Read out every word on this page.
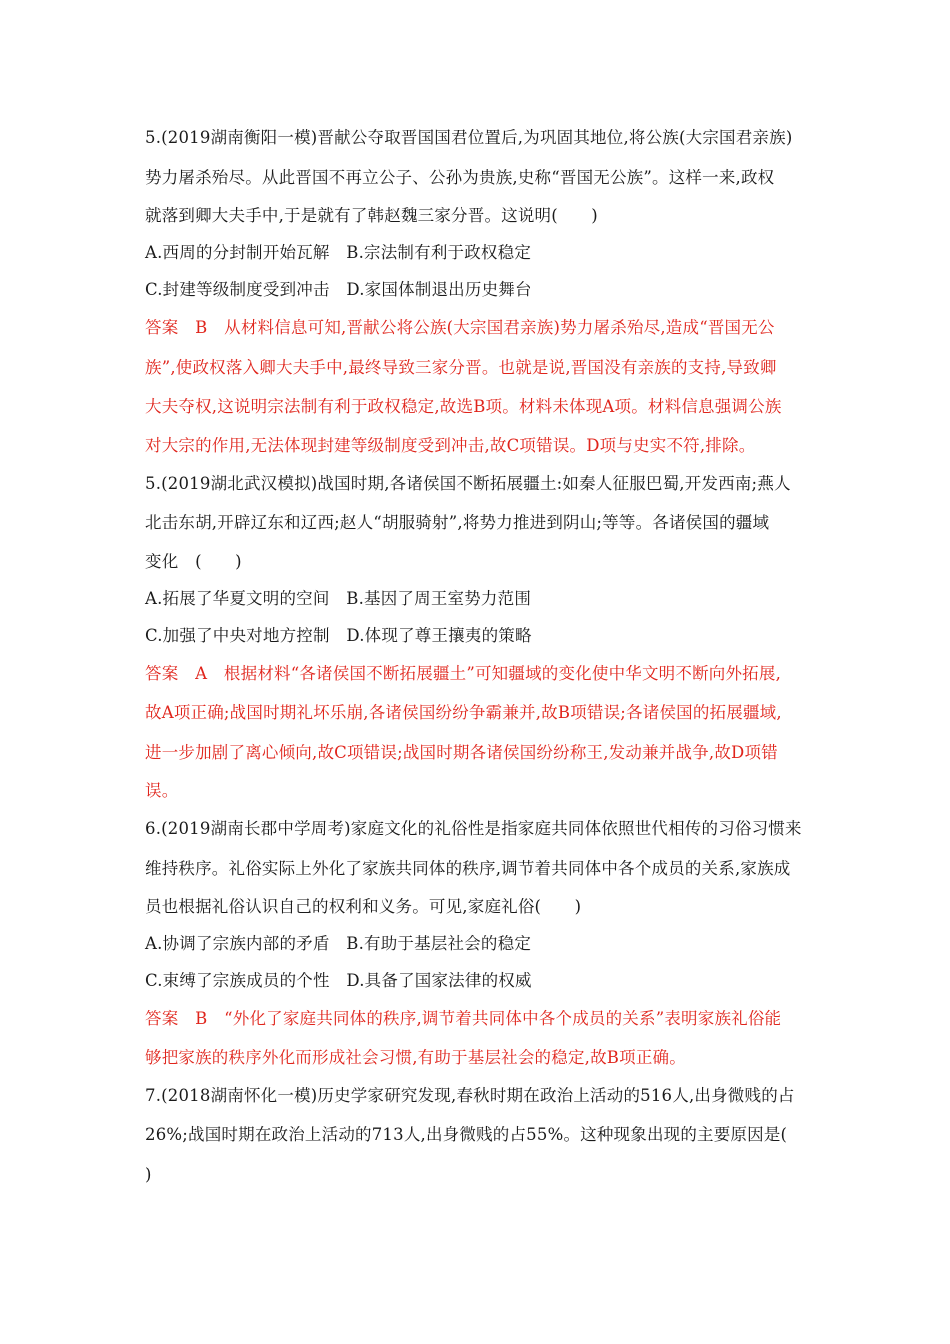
5.(2019湖南衡阳一模)晋献公夺取晋国国君位置后,为巩固其地位,将公族(大宗国君亲族)
势力屠杀殆尽。从此晋国不再立公子、公孙为贵族,史称“晋国无公族”。这样一来,政权
就落到卿大夫手中,于是就有了韩赵魏三家分晋。这说明(　　)
A.西周的分封制开始瓦解　B.宗法制有利于政权稳定
C.封建等级制度受到冲击　D.家国体制退出历史舞台
答案　B　从材料信息可知,晋献公将公族(大宗国君亲族)势力屠杀殆尽,造成“晋国无公
族”,使政权落入卿大夫手中,最终导致三家分晋。也就是说,晋国没有亲族的支持,导致卿
大夫夺权,这说明宗法制有利于政权稳定,故选B项。材料未体现A项。材料信息强调公族
对大宗的作用,无法体现封建等级制度受到冲击,故C项错误。D项与史实不符,排除。
5.(2019湖北武汉模拟)战国时期,各诸侯国不断拓展疆土:如秦人征服巴蜀,开发西南;燕人
北击东胡,开辟辽东和辽西;赵人“胡服骑射”,将势力推进到阴山;等等。各诸侯国的疆域
变化　(　　)
A.拓展了华夏文明的空间　B.基因了周王室势力范围
C.加强了中央对地方控制　D.体现了尊王攘夷的策略
答案　A　根据材料“各诸侯国不断拓展疆土”可知疆域的变化使中华文明不断向外拓展,
故A项正确;战国时期礼坏乐崩,各诸侯国纷纷争霸兼并,故B项错误;各诸侯国的拓展疆域,
进一步加剧了离心倾向,故C项错误;战国时期各诸侯国纷纷称王,发动兼并战争,故D项错
误。
6.(2019湖南长郡中学周考)家庭文化的礼俗性是指家庭共同体依照世代相传的习俗习惯来
维持秩序。礼俗实际上外化了家族共同体的秩序,调节着共同体中各个成员的关系,家族成
员也根据礼俗认识自己的权利和义务。可见,家庭礼俗(　　)
A.协调了宗族内部的矛盾　B.有助于基层社会的稳定
C.束缚了宗族成员的个性　D.具备了国家法律的权威
答案　B　“外化了家庭共同体的秩序,调节着共同体中各个成员的关系”表明家族礼俗能
够把家族的秩序外化而形成社会习惯,有助于基层社会的稳定,故B项正确。
7.(2018湖南怀化一模)历史学家研究发现,春秋时期在政治上活动的516人,出身微贱的占
26%;战国时期在政治上活动的713人,出身微贱的占55%。这种现象出现的主要原因是(
)
